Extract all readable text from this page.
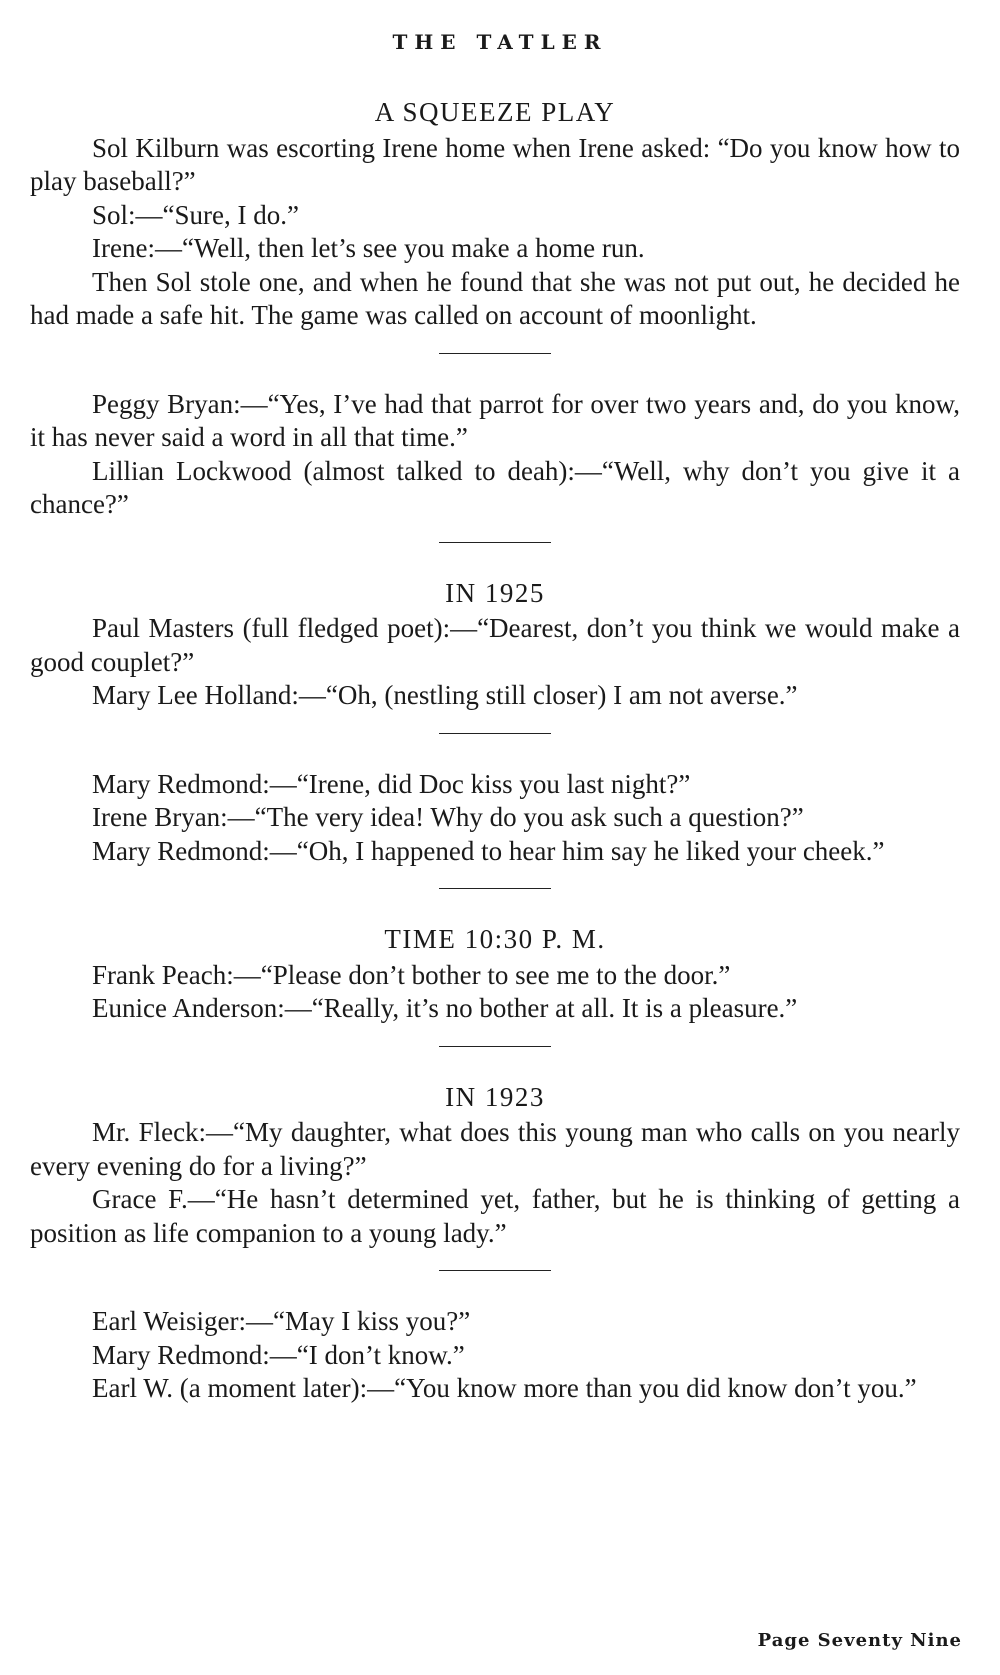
THE TATLER
A SQUEEZE PLAY

Sol Kilburn was escorting Irene home when Irene asked: “Do you know how to play baseball?”

Sol:—“Sure, I do.”

Irene:—“Well, then let’s see you make a home run.

Then Sol stole one, and when he found that she was not put out, he decided he had made a safe hit. The game was called on account of moonlight.

Peggy Bryan:—“Yes, I’ve had that parrot for over two years and, do you know, it has never said a word in all that time.”

Lillian Lockwood (almost talked to deah):—“Well, why don’t you give it a chance?”

IN 1925

Paul Masters (full fledged poet):—“Dearest, don’t you think we would make a good couplet?”

Mary Lee Holland:—“Oh, (nestling still closer) I am not averse.”

Mary Redmond:—“Irene, did Doc kiss you last night?”

Irene Bryan:—“The very idea! Why do you ask such a question?”

Mary Redmond:—“Oh, I happened to hear him say he liked your cheek.”

TIME 10:30 P. M.

Frank Peach:—“Please don’t bother to see me to the door.”

Eunice Anderson:—“Really, it’s no bother at all. It is a pleasure.”

IN 1923

Mr. Fleck:—“My daughter, what does this young man who calls on you nearly every evening do for a living?”

Grace F.—“He hasn’t determined yet, father, but he is thinking of getting a position as life companion to a young lady.”

Earl Weisiger:—“May I kiss you?”

Mary Redmond:—“I don’t know.”

Earl W. (a moment later):—“You know more than you did know don’t you.”

Page Seventy Nine
